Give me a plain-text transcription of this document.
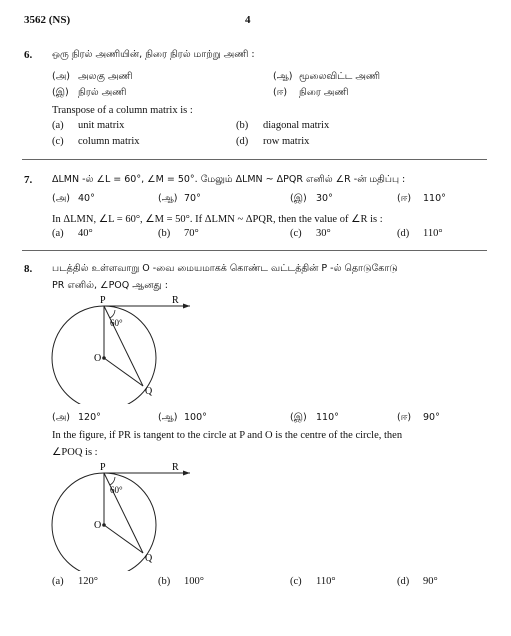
3562 (NS)	4
6. ஒரு நிரல் அணியின், நிரை நிரல் மாற்று அணி :
(அ) அலகு அணி	(ஆ) மூலைவிட்ட அணி
(இ) நிரல் அணி	(ஈ) நிரை அணி
Transpose of a column matrix is :
(a) unit matrix	(b) diagonal matrix
(c) column matrix	(d) row matrix
7. ΔLMN -ல் ∠L = 60°, ∠M = 50°. மேலும் ΔLMN ~ ΔPQR எனில் ∠R -ன் மதிப்பு :
(அ) 40°	(ஆ) 70°	(இ) 30°	(ஈ) 110°
In ΔLMN, ∠L = 60°, ∠M = 50°. If ΔLMN ~ ΔPQR, then the value of ∠R is :
(a) 40°	(b) 70°	(c) 30°	(d) 110°
8. படத்தில் உள்ளவாறு O -வை மையமாகக் கொண்ட வட்டத்தின் P -ல் தொடுகோடு
PR எனில், ∠POQ ஆனது :
P	R
O
Q
60°
(அ) 120°	(ஆ) 100°	(இ) 110°	(ஈ) 90°
In the figure, if PR is tangent to the circle at P and O is the centre of the circle, then
∠POQ is :
P	R
O
Q
60°
(a) 120°	(b) 100°	(c) 110°	(d) 90°
